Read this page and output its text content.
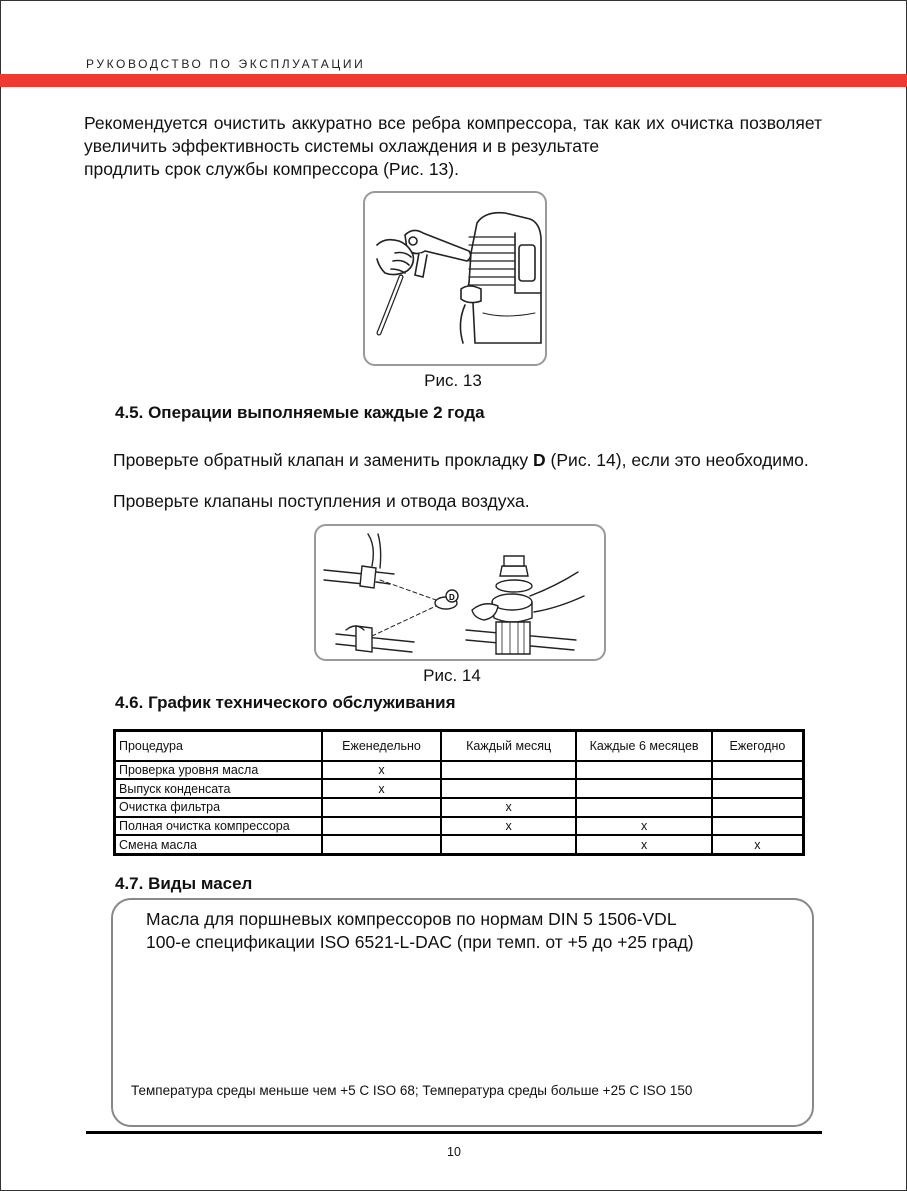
РУКОВОДСТВО ПО ЭКСПЛУАТАЦИИ
Рекомендуется очистить аккуратно все ребра компрессора, так как их очистка позволяет увеличить эффективность системы охлаждения и в результате
продлить срок службы компрессора (Рис. 13).
Рис. 13
4.5. Операции выполняемые каждые 2 года
Проверьте обратный клапан и заменить прокладку D (Рис. 14), если это необходимо.
Проверьте клапаны поступления и отвода воздуха.
D
Рис. 14
4.6. График технического обслуживания
Процедура	Еженедельно	Каждый месяц	Каждые 6 месяцев	Ежегодно
Проверка уровня масла	x			
Выпуск конденсата	x			
Очистка фильтра		x		
Полная очистка компрессора		x	x	
Смена масла			x	x
4.7. Виды масел
Масла для поршневых компрессоров по нормам DIN 5 1506-VDL
100-е спецификации ISO 6521-L-DAC (при темп. от +5 до +25 град)
Температура среды меньше чем +5 С ISO 68; Температура среды больше +25 С ISO 150
10
